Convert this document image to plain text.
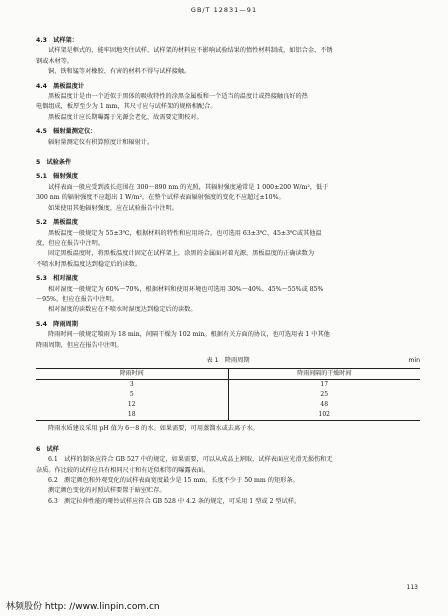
GB/T 12831—91

4.3　试样架：

试样架是框式的，能牢固地夹住试样，试样架的材料应不影响试验结果的惰性材料制成，如铝合金、不锈

钢或木材等。

铜、铁和锰等对橡胶、有害的材料不得与试样接触。

4.4　黑板温度计

黑板温度计是由一个近似于黑体的吸收特性的涂黑金属板和一个适当的温度计或热接触良好的热

电偶组成，板厚至少为 1 mm，其尺寸应与试样架的规格相配合。

黑板温度计应长期曝露于光源会老化，故需要定期校对。

4.5　辐射量测定仪：

辐射量测定仪有积算照度计和辐射计。

5　试验条件

5.1　辐射强度

试样表面一般应受到波长范围在 300～890 nm 的光照，其辐射强度通常是 1 000±200 W/m²，低于

300 nm 的辐射强度不应超出 1 W/m²。在整个试样表面辐射强度的变化不应超过±10%。

如果使用其他辐射强度，应在试验报告中注明。

5.2　黑板温度

黑板温度一般规定为 55±3℃，根据材料的特性和应用场合，也可选用 63±3℃、45±3℃或其他温

度，但应在报告中注明。

固定黑板温度时，将黑板温度计固定在试样架上，涂黑的金属面对着光源，黑板温度的正确读数为

不喷水时黑板温度达到稳定后的读数。

5.3　相对湿度

相对湿度一般规定为 60%～70%，根据材料和使用环境也可选用 30%～40%、45%～55%或 85%

～95%，但应在报告中注明。

相对湿度的读数应在不喷水时湿度达到稳定后的读数。

5.4　降雨周期

降雨时间一般规定喷雨为 18 min，间隔干燥为 102 min。根据有关方面的协议，也可选用表 1 中其他

降雨周期，但应在报告中注明。

表 1　降雨周期	min
降雨时间	降雨间隔的干燥时间
3	17
5	25
12	48
18	102

降雨水质建议采用 pH 值为 6～8 的水。如果需要，可用蒸馏水或去离子水。

6　试样

6.1　试样的制备应符合 GB 527 中的规定，如果需要，可以从成品上割取，试样表面应光滑无损伤和无

杂质。作比较的试样应具有相同尺寸和有近似相等的曝露表面。

6.2　测定颜色和外观变化的试样表面宽度最少是 15 mm，长度不少于 50 mm 的矩形条。

测定颜色变化的对照试样要置于暗室贮存。

6.3　测定拉伸性能的哑铃试样应符合 GB 528 中 4.2 条的规定，可采用 1 型或 2 型试样。

113
林频股份 http: //www.linpin.com.cn
